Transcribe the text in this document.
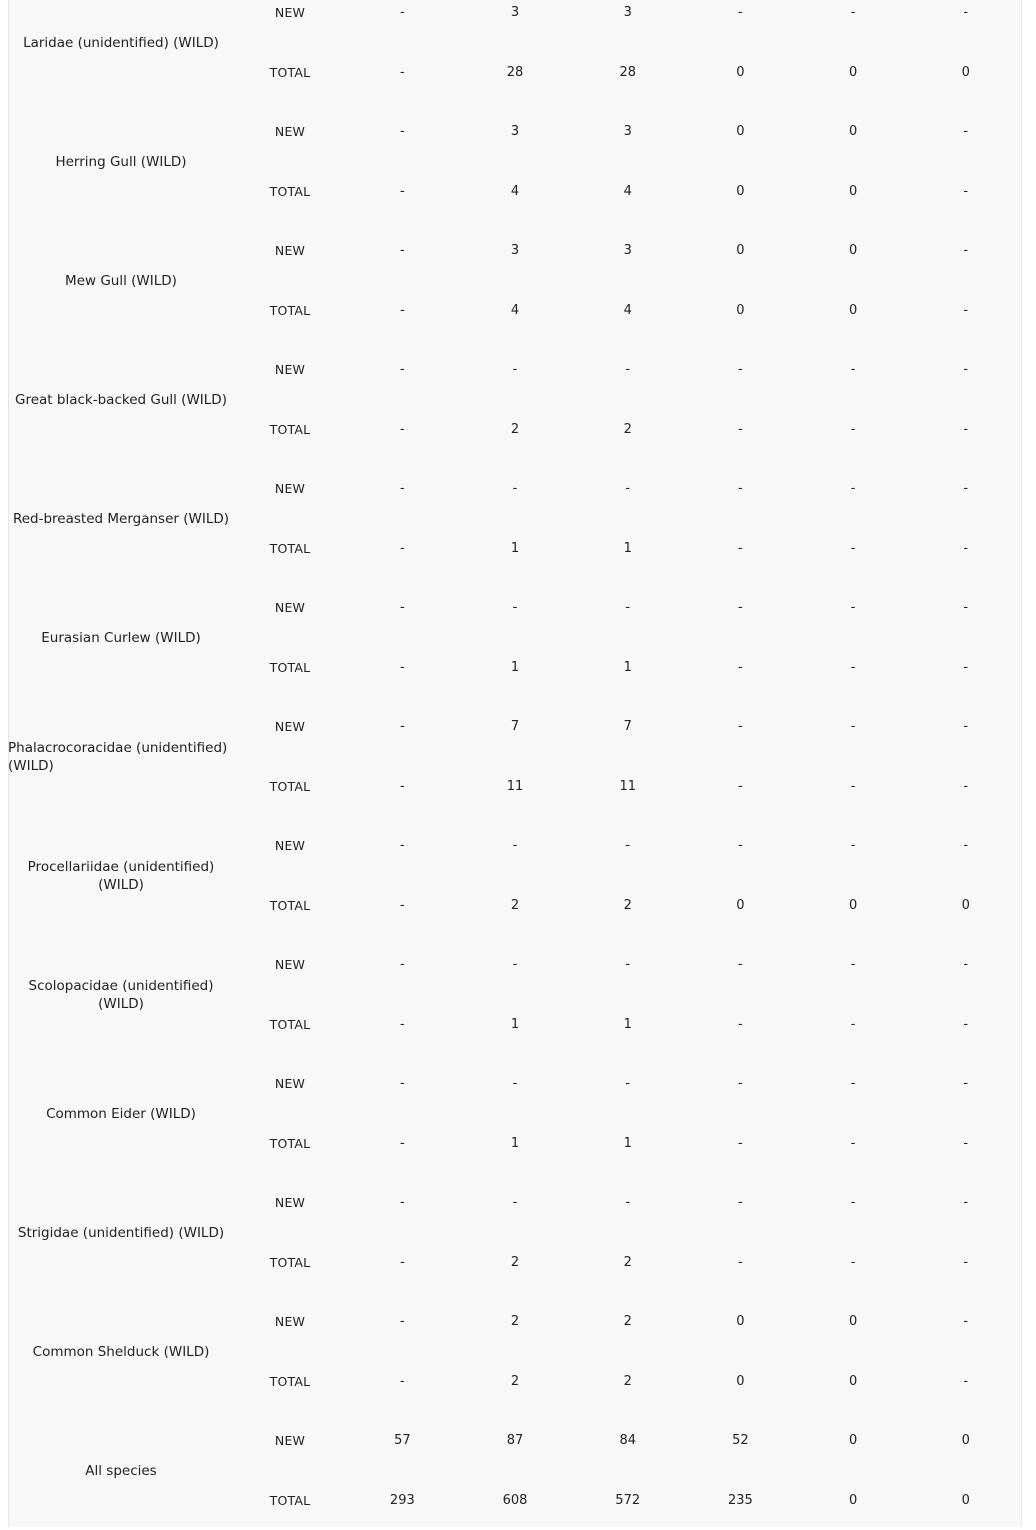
Laridae (unidentified) (WILD)	NEW	-	3	3	-	-	-
	TOTAL	-	28	28	0	0	0
Herring Gull (WILD)	NEW	-	3	3	0	0	-
	TOTAL	-	4	4	0	0	-
Mew Gull (WILD)	NEW	-	3	3	0	0	-
	TOTAL	-	4	4	0	0	-
Great black-backed Gull (WILD)	NEW	-	-	-	-	-	-
	TOTAL	-	2	2	-	-	-
Red-breasted Merganser (WILD)	NEW	-	-	-	-	-	-
	TOTAL	-	1	1	-	-	-
Eurasian Curlew (WILD)	NEW	-	-	-	-	-	-
	TOTAL	-	1	1	-	-	-
Phalacrocoracidae (unidentified) (WILD)	NEW	-	7	7	-	-	-
	TOTAL	-	11	11	-	-	-
Procellariidae (unidentified) (WILD)	NEW	-	-	-	-	-	-
	TOTAL	-	2	2	0	0	0
Scolopacidae (unidentified) (WILD)	NEW	-	-	-	-	-	-
	TOTAL	-	1	1	-	-	-
Common Eider (WILD)	NEW	-	-	-	-	-	-
	TOTAL	-	1	1	-	-	-
Strigidae (unidentified) (WILD)	NEW	-	-	-	-	-	-
	TOTAL	-	2	2	-	-	-
Common Shelduck (WILD)	NEW	-	2	2	0	0	-
	TOTAL	-	2	2	0	0	-
All species	NEW	57	87	84	52	0	0
	TOTAL	293	608	572	235	0	0
